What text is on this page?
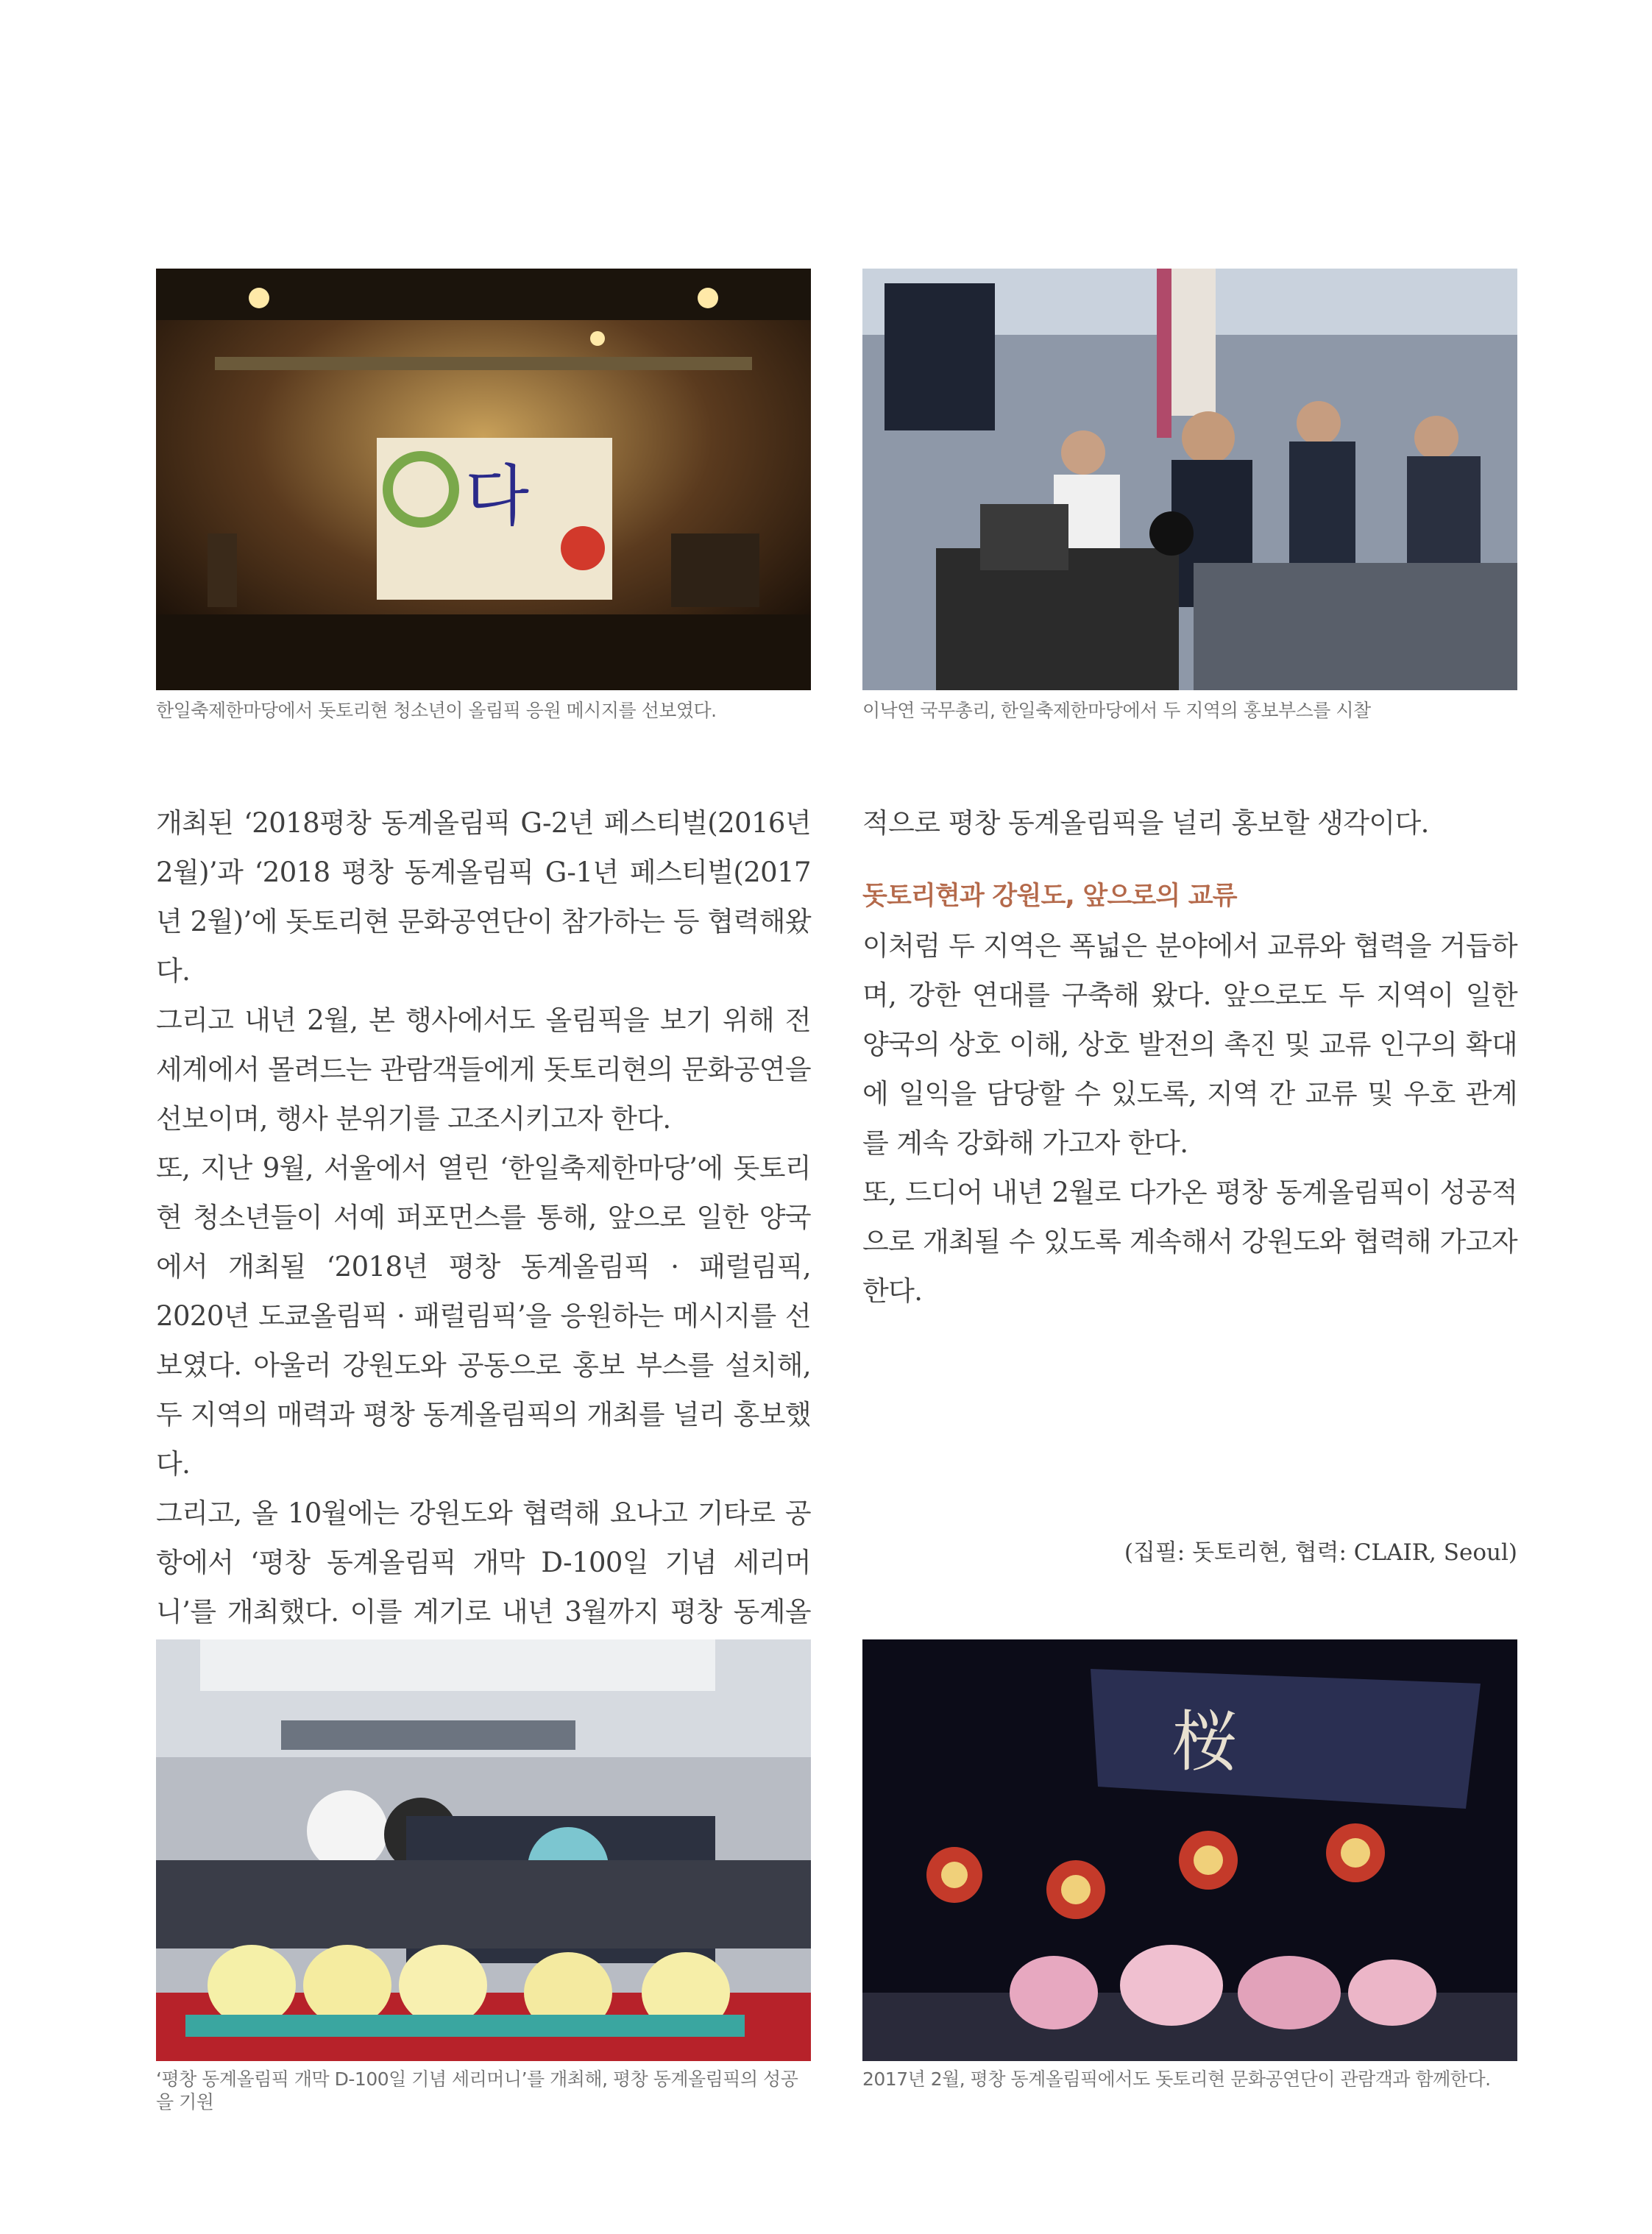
다
한일축제한마당에서 돗토리현 청소년이 올림픽 응원 메시지를 선보였다.	이낙연 국무총리, 한일축제한마당에서 두 지역의 홍보부스를 시찰

개최된 ‘2018평창 동계올림픽 G-2년 페스티벌(2016년 2월)’과 ‘2018 평창 동계올림픽 G-1년 페스티벌(2017년 2월)’에 돗토리현 문화공연단이 참가하는 등 협력해왔다.

그리고 내년 2월, 본 행사에서도 올림픽을 보기 위해 전세계에서 몰려드는 관람객들에게 돗토리현의 문화공연을 선보이며, 행사 분위기를 고조시키고자 한다.

또, 지난 9월, 서울에서 열린 ‘한일축제한마당’에 돗토리현 청소년들이 서예 퍼포먼스를 통해, 앞으로 일한 양국에서 개최될 ‘2018년 평창 동계올림픽 · 패럴림픽, 2020년 도쿄올림픽 · 패럴림픽’을 응원하는 메시지를 선보였다. 아울러 강원도와 공동으로 홍보 부스를 설치해, 두 지역의 매력과 평창 동계올림픽의 개최를 널리 홍보했다.

그리고, 올 10월에는 강원도와 협력해 요나고 기타로 공항에서 ‘평창 동계올림픽 개막 D-100일 기념 세리머니’를 개최했다. 이를 계기로 내년 3월까지 평창 동계올

적으로 평창 동계올림픽을 널리 홍보할 생각이다.

돗토리현과 강원도, 앞으로의 교류

이처럼 두 지역은 폭넓은 분야에서 교류와 협력을 거듭하며, 강한 연대를 구축해 왔다. 앞으로도 두 지역이 일한 양국의 상호 이해, 상호 발전의 촉진 및 교류 인구의 확대에 일익을 담당할 수 있도록, 지역 간 교류 및 우호 관계를 계속 강화해 가고자 한다.

또, 드디어 내년 2월로 다가온 평창 동계올림픽이 성공적으로 개최될 수 있도록 계속해서 강원도와 협력해 가고자 한다.

(집필: 돗토리현, 협력: CLAIR, Seoul)
‘평창 동계올림픽 개막 D-100일 기념 세리머니’를 개최해, 평창 동계올림픽의 성공을 기원
桜
2017년 2월, 평창 동계올림픽에서도 돗토리현 문화공연단이 관람객과 함께한다.
